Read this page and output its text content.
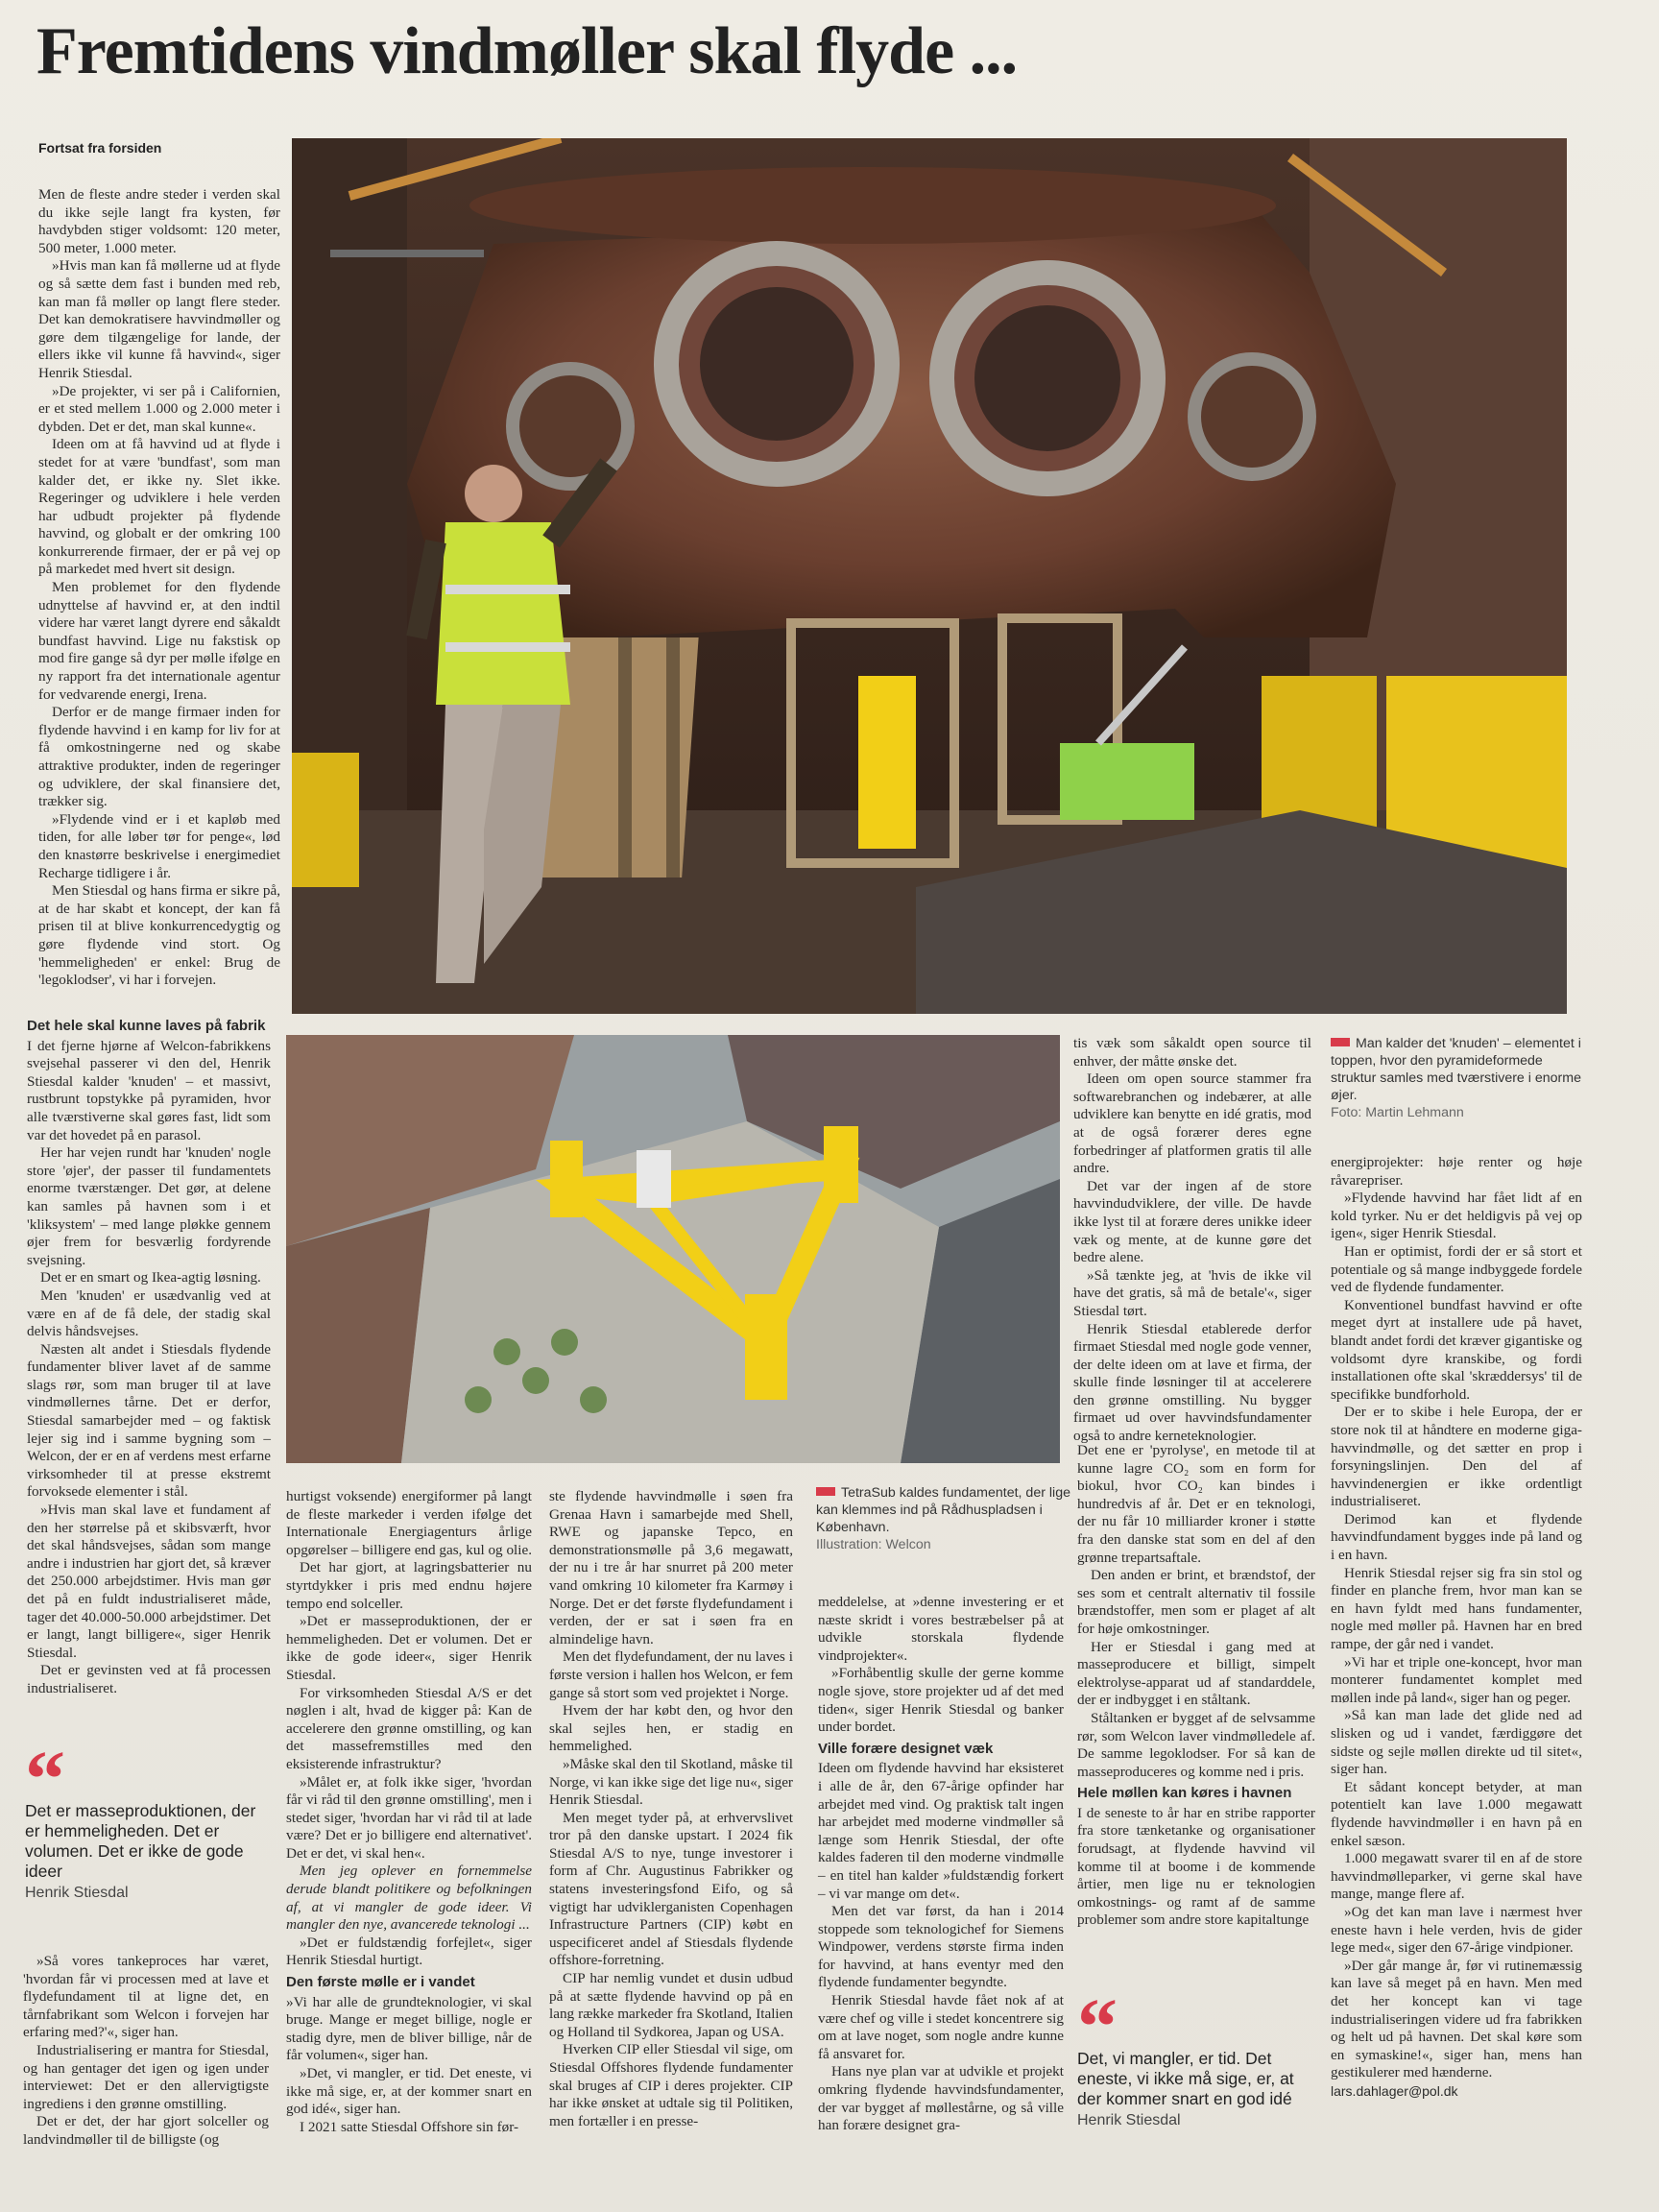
Fremtidens vindmøller skal flyde ...
Fortsat fra forsiden

Men de fleste andre steder i verden skal du ikke sejle langt fra kysten, før havdybden stiger voldsomt: 120 meter, 500 meter, 1.000 meter.

»Hvis man kan få møllerne ud at flyde og så sætte dem fast i bunden med reb, kan man få møller op langt flere steder. Det kan demokratisere havvindmøller og gøre dem tilgængelige for lande, der ellers ikke vil kunne få havvind«, siger Henrik Stiesdal.

»De projekter, vi ser på i Californien, er et sted mellem 1.000 og 2.000 meter i dybden. Det er det, man skal kunne«.

Ideen om at få havvind ud at flyde i stedet for at være 'bundfast', som man kalder det, er ikke ny. Slet ikke. Regeringer og udviklere i hele verden har udbudt projekter på flydende havvind, og globalt er der omkring 100 konkurrerende firmaer, der er på vej op på markedet med hvert sit design.

Men problemet for den flydende udnyttelse af havvind er, at den indtil videre har været langt dyrere end såkaldt bundfast havvind. Lige nu fakstisk op mod fire gange så dyr per mølle ifølge en ny rapport fra det internationale agentur for vedvarende energi, Irena.

Derfor er de mange firmaer inden for flydende havvind i en kamp for liv for at få omkostningerne ned og skabe attraktive produkter, inden de regeringer og udviklere, der skal finansiere det, trækker sig.

»Flydende vind er i et kapløb med tiden, for alle løber tør for penge«, lød den knastørre beskrivelse i energimediet Recharge tidligere i år.

Men Stiesdal og hans firma er sikre på, at de har skabt et koncept, der kan få prisen til at blive konkurrencedygtig og gøre flydende vind stort. Og 'hemmeligheden' er enkel: Brug de 'legoklodser', vi har i forvejen.

Det hele skal kunne laves på fabrik

I det fjerne hjørne af Welcon-fabrikkens svejsehal passerer vi den del, Henrik Stiesdal kalder 'knuden' – et massivt, rustbrunt topstykke på pyramiden, hvor alle tværstiverne skal gøres fast, lidt som var det hovedet på en parasol.

Her har vejen rundt har 'knuden' nogle store 'øjer', der passer til fundamentets enorme tværstænger. Det gør, at delene kan samles på havnen som i et 'kliksystem' – med lange pløkke gennem øjer frem for besværlig fordyrende svejsning.

Det er en smart og Ikea-agtig løsning.

Men 'knuden' er usædvanlig ved at være en af de få dele, der stadig skal delvis håndsvejses.

Næsten alt andet i Stiesdals flydende fundamenter bliver lavet af de samme slags rør, som man bruger til at lave vindmøllernes tårne. Det er derfor, Stiesdal samarbejder med – og faktisk lejer sig ind i samme bygning som – Welcon, der er en af verdens mest erfarne virksomheder til at presse ekstremt forvoksede elementer i stål.

»Hvis man skal lave et fundament af den her størrelse på et skibsværft, hvor det skal håndsvejses, sådan som mange andre i industrien har gjort det, så kræver det 250.000 arbejdstimer. Hvis man gør det på en fuldt industrialiseret måde, tager det 40.000-50.000 arbejdstimer. Det er langt, langt billigere«, siger Henrik Stiesdal.

Det er gevinsten ved at få processen industrialiseret.

“
Det er masseproduktionen, der er hemmeligheden. Det er volumen. Det er ikke de gode ideer
Henrik Stiesdal

»Så vores tankeproces har været, 'hvordan får vi processen med at lave et flydefundament til at ligne det, en tårnfabrikant som Welcon i forvejen har erfaring med?'«, siger han.

Industrialisering er mantra for Stiesdal, og han gentager det igen og igen under interviewet: Det er den allervigtigste ingrediens i den grønne omstilling.

Det er det, der har gjort solceller og landvindmøller til de billigste (og

hurtigst voksende) energiformer på langt de fleste markeder i verden ifølge det Internationale Energiagenturs årlige opgørelser – billigere end gas, kul og olie.

Det har gjort, at lagringsbatterier nu styrtdykker i pris med endnu højere tempo end solceller.

»Det er masseproduktionen, der er hemmeligheden. Det er volumen. Det er ikke de gode ideer«, siger Henrik Stiesdal.

For virksomheden Stiesdal A/S er det nøglen i alt, hvad de kigger på: Kan de accelerere den grønne omstilling, og kan det massefremstilles med den eksisterende infrastruktur?

»Målet er, at folk ikke siger, 'hvordan får vi råd til den grønne omstilling', men i stedet siger, 'hvordan har vi råd til at lade være? Det er jo billigere end alternativet'. Det er det, vi skal hen«.

Men jeg oplever en fornemmelse derude blandt politikere og befolkningen af, at vi mangler de gode ideer. Vi mangler den nye, avancerede teknologi ...

»Det er fuldstændig forfejlet«, siger Henrik Stiesdal hurtigt.

Den første mølle er i vandet

»Vi har alle de grundteknologier, vi skal bruge. Mange er meget billige, nogle er stadig dyre, men de bliver billige, når de får volumen«, siger han.

»Det, vi mangler, er tid. Det eneste, vi ikke må sige, er, at der kommer snart en god idé«, siger han.

I 2021 satte Stiesdal Offshore sin før-

ste flydende havvindmølle i søen fra Grenaa Havn i samarbejde med Shell, RWE og japanske Tepco, en demonstrationsmølle på 3,6 megawatt, der nu i tre år har snurret på 200 meter vand omkring 10 kilometer fra Karmøy i Norge. Det er det første flydefundament i verden, der er sat i søen fra en almindelige havn.

Men det flydefundament, der nu laves i første version i hallen hos Welcon, er fem gange så stort som ved projektet i Norge.

Hvem der har købt den, og hvor den skal sejles hen, er stadig en hemmelighed.

»Måske skal den til Skotland, måske til Norge, vi kan ikke sige det lige nu«, siger Henrik Stiesdal.

Men meget tyder på, at erhvervslivet tror på den danske upstart. I 2024 fik Stiesdal A/S to nye, tunge investorer i form af Chr. Augustinus Fabrikker og statens investeringsfond Eifo, og så vigtigt har udviklerganisten Copenhagen Infrastructure Partners (CIP) købt en uspecificeret andel af Stiesdals flydende offshore-forretning.

CIP har nemlig vundet et dusin udbud på at sætte flydende havvind op på en lang række markeder fra Skotland, Italien og Holland til Sydkorea, Japan og USA.

Hverken CIP eller Stiesdal vil sige, om Stiesdal Offshores flydende fundamenter skal bruges af CIP i deres projekter. CIP har ikke ønsket at udtale sig til Politiken, men fortæller i en presse-

TetraSub kaldes fundamentet, der lige kan klemmes ind på Rådhuspladsen i København.
Illustration: Welcon

tis væk som såkaldt open source til enhver, der måtte ønske det.

Ideen om open source stammer fra softwarebranchen og indebærer, at alle udviklere kan benytte en idé gratis, mod at de også forærer deres egne forbedringer af platformen gratis til alle andre.

Det var der ingen af de store havvindudviklere, der ville. De havde ikke lyst til at forære deres unikke ideer væk og mente, at de kunne gøre det bedre alene.

»Så tænkte jeg, at 'hvis de ikke vil have det gratis, så må de betale'«, siger Stiesdal tørt.

Henrik Stiesdal etablerede derfor firmaet Stiesdal med nogle gode venner, der delte ideen om at lave et firma, der skulle finde løsninger til at accelerere den grønne omstilling. Nu bygger firmaet ud over havvindsfundamenter også to andre kerneteknologier.

meddelelse, at »denne investering er et næste skridt i vores bestræbelser på at udvikle storskala flydende vindprojekter«.

»Forhåbentlig skulle der gerne komme nogle sjove, store projekter ud af det med tiden«, siger Henrik Stiesdal og banker under bordet.

Ville forære designet væk

Ideen om flydende havvind har eksisteret i alle de år, den 67-årige opfinder har arbejdet med vind. Og praktisk talt ingen har arbejdet med moderne vindmøller så længe som Henrik Stiesdal, der ofte kaldes faderen til den moderne vindmølle – en titel han kalder »fuldstændig forkert – vi var mange om det«.

Men det var først, da han i 2014 stoppede som teknologichef for Siemens Windpower, verdens største firma inden for havvind, at hans eventyr med den flydende fundamenter begyndte.

Henrik Stiesdal havde fået nok af at være chef og ville i stedet koncentrere sig om at lave noget, som nogle andre kunne få ansvaret for.

Hans nye plan var at udvikle et projekt omkring flydende havvindsfundamenter, der var bygget af møllestårne, og så ville han forære designet gra-

Det ene er 'pyrolyse', en metode til at kunne lagre CO₂ som en form for biokul, hvor CO₂ kan bindes i hundredvis af år. Det er en teknologi, der nu får 10 milliarder kroner i støtte fra den danske stat som en del af den grønne trepartsaftale.

Den anden er brint, et brændstof, der ses som et centralt alternativ til fossile brændstoffer, men som er plaget af alt for høje omkostninger.

Her er Stiesdal i gang med at masseproducere et billigt, simpelt elektrolyse-apparat ud af standarddele, der er indbygget i en ståltank.

Ståltanken er bygget af de selvsamme rør, som Welcon laver vindmølledele af. De samme legoklodser. For så kan de masseproduceres og komme ned i pris.

Hele møllen kan køres i havnen

I de seneste to år har en stribe rapporter fra store tænketanke og organisationer forudsagt, at flydende havvind vil komme til at boome i de kommende årtier, men lige nu er teknologien omkostnings- og ramt af de samme problemer som andre store kapitaltunge

“
Det, vi mangler, er tid. Det eneste, vi ikke må sige, er, at der kommer snart en god idé
Henrik Stiesdal
Man kalder det 'knuden' – elementet i toppen, hvor den pyramideformede struktur samles med tværstivere i enorme øjer.
Foto: Martin Lehmann

energiprojekter: høje renter og høje råvarepriser.

»Flydende havvind har fået lidt af en kold tyrker. Nu er det heldigvis på vej op igen«, siger Henrik Stiesdal.

Han er optimist, fordi der er så stort et potentiale og så mange indbyggede fordele ved de flydende fundamenter.

Konventionel bundfast havvind er ofte meget dyrt at installere ude på havet, blandt andet fordi det kræver gigantiske og voldsomt dyre kranskibe, og fordi installationen ofte skal 'skræddersys' til de specifikke bundforhold.

Der er to skibe i hele Europa, der er store nok til at håndtere en moderne giga-havvindmølle, og det sætter en prop i forsyningslinjen. Den del af havvindenergien er ikke ordentligt industrialiseret.

Derimod kan et flydende havvindfundament bygges inde på land og i en havn.

Henrik Stiesdal rejser sig fra sin stol og finder en planche frem, hvor man kan se en havn fyldt med hans fundamenter, nogle med møller på. Havnen har en bred rampe, der går ned i vandet.

»Vi har et triple one-koncept, hvor man monterer fundamentet komplet med møllen inde på land«, siger han og peger.

»Så kan man lade det glide ned ad slisken og ud i vandet, færdiggøre det sidste og sejle møllen direkte ud til sitet«, siger han.

Et sådant koncept betyder, at man potentielt kan lave 1.000 megawatt flydende havvindmøller i en havn på en enkel sæson.

1.000 megawatt svarer til en af de store havvindmølleparker, vi gerne skal have mange, mange flere af.

»Og det kan man lave i nærmest hver eneste havn i hele verden, hvis de gider lege med«, siger den 67-årige vindpioner.

»Der går mange år, før vi rutinemæssig kan lave så meget på en havn. Men med det her koncept kan vi tage industrialiseringen videre ud fra fabrikken og helt ud på havnen. Det skal køre som en symaskine!«, siger han, mens han gestikulerer med hænderne.

lars.dahlager@pol.dk
